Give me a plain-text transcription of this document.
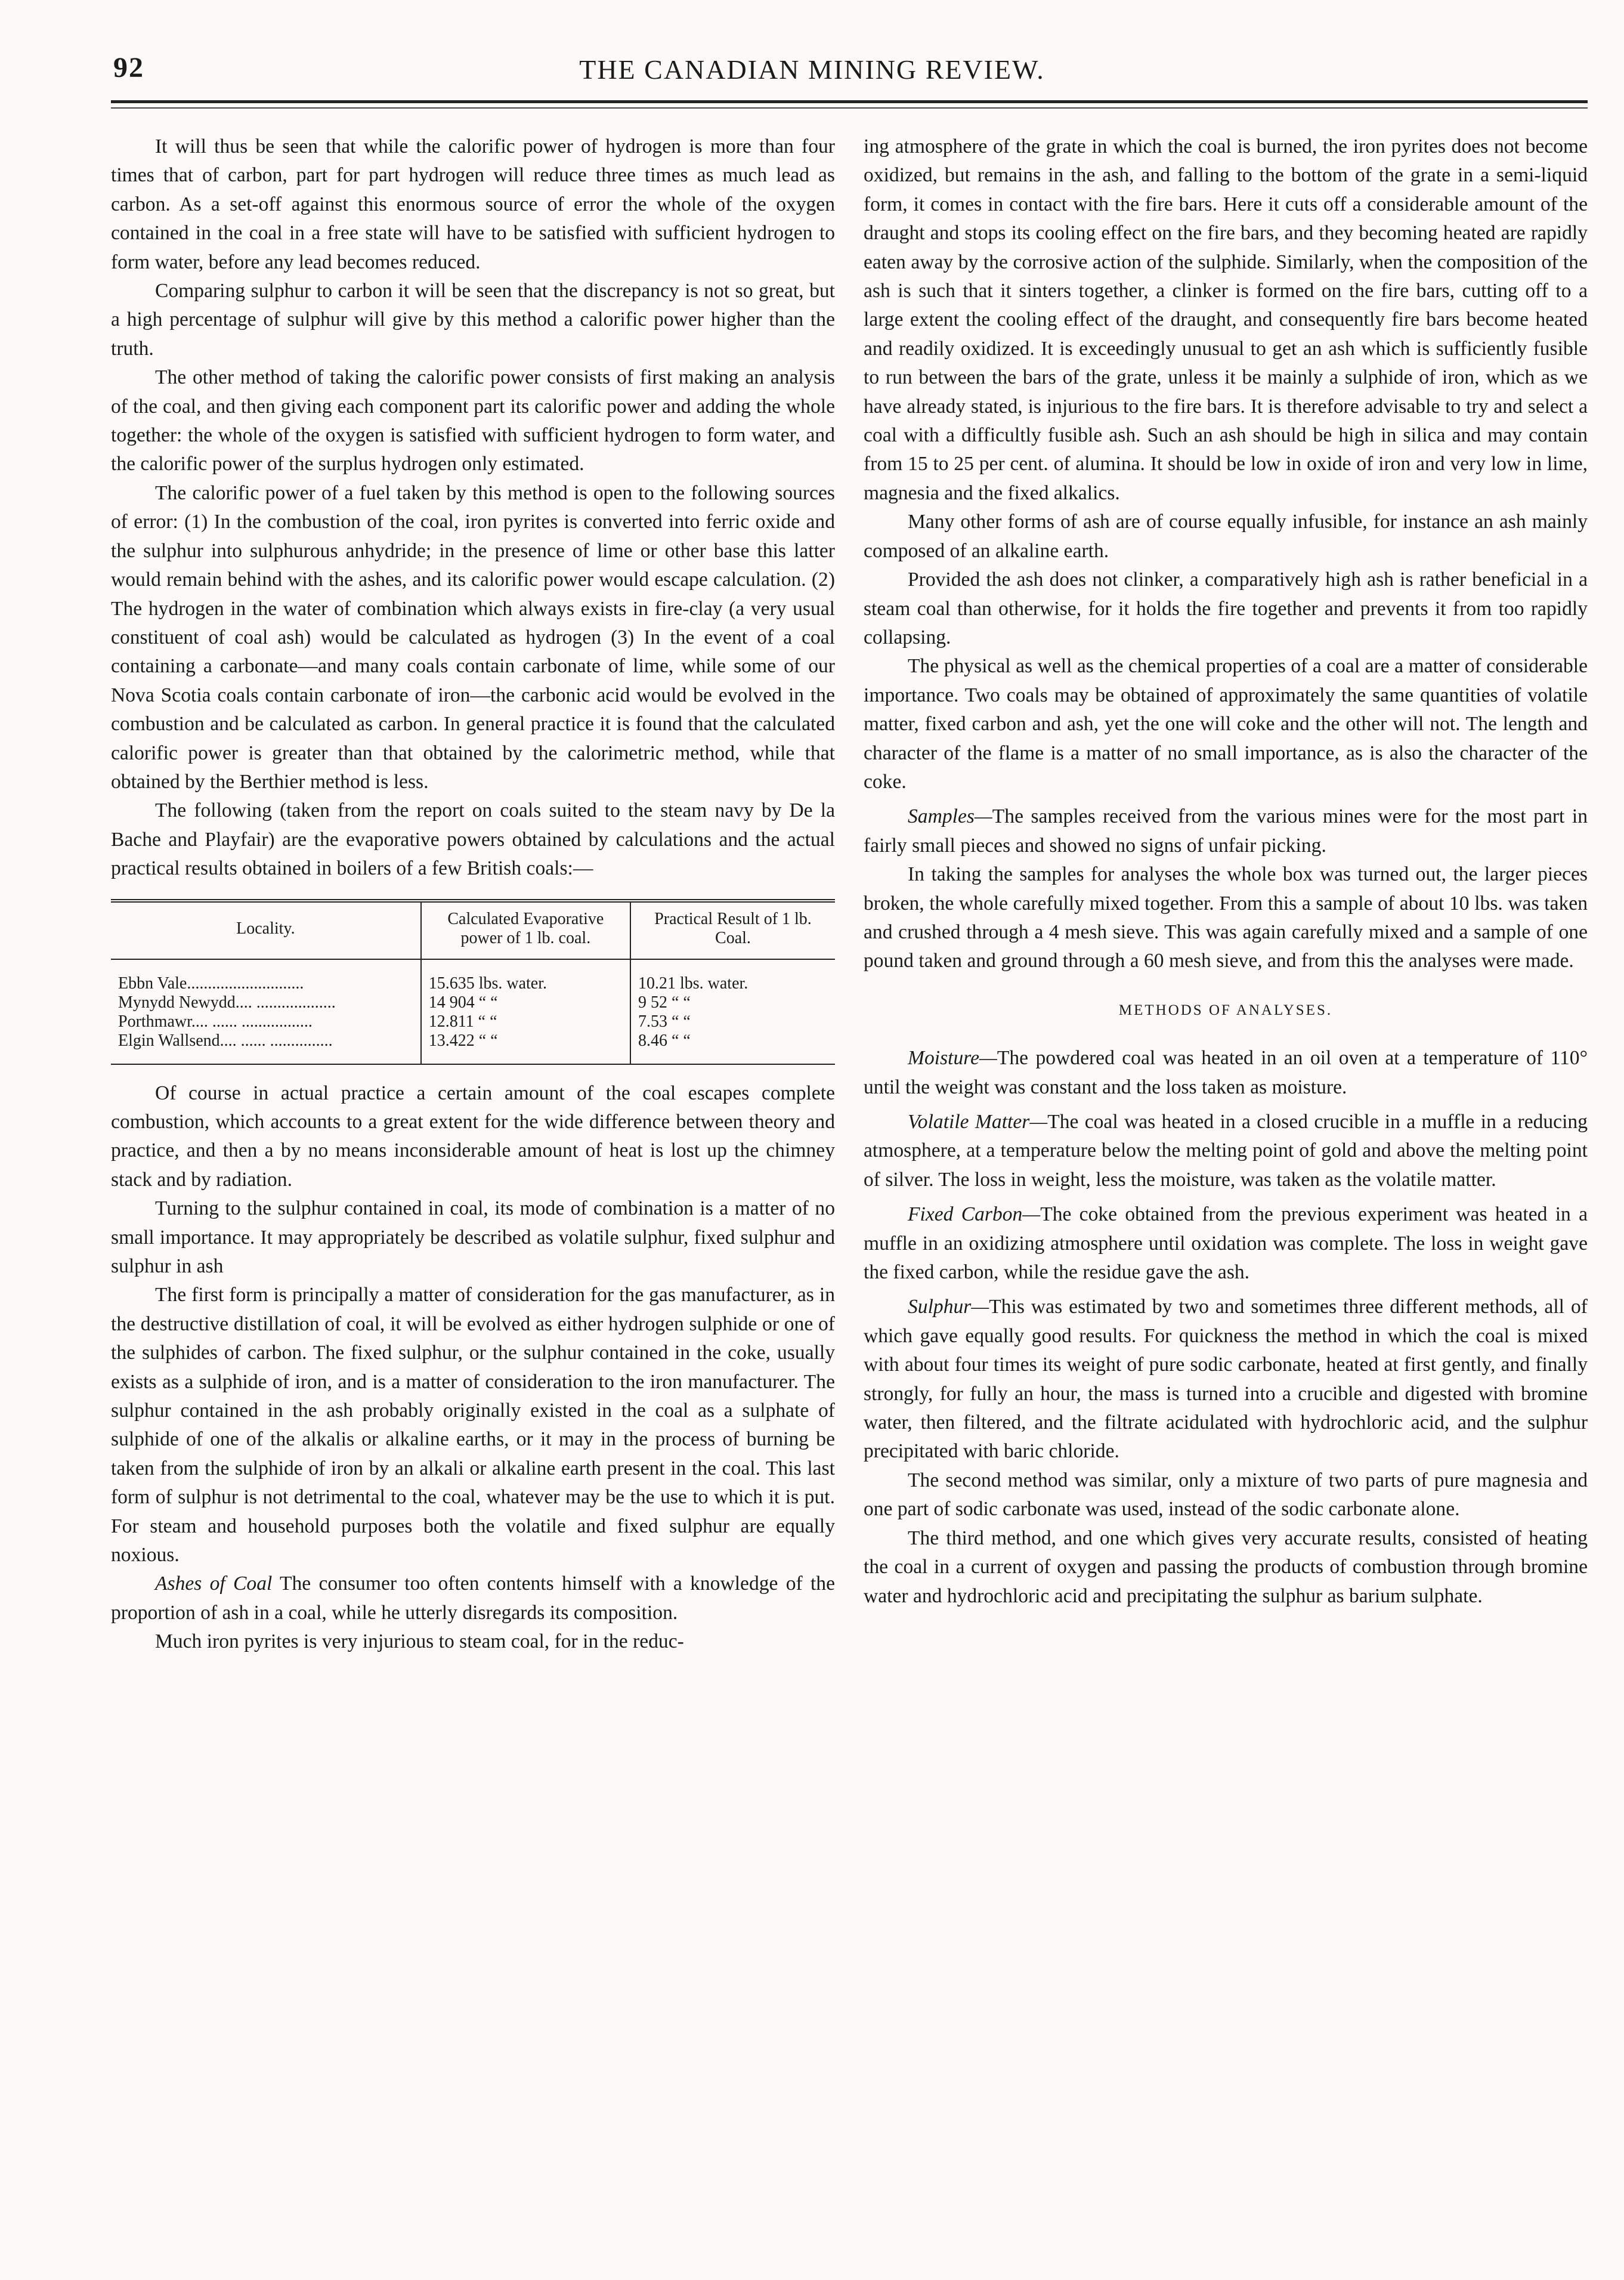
92	THE CANADIAN MINING REVIEW.

It will thus be seen that while the calorific power of hydrogen is more than four times that of carbon, part for part hydrogen will reduce three times as much lead as carbon. As a set-off against this enormous source of error the whole of the oxygen contained in the coal in a free state will have to be satisfied with sufficient hydrogen to form water, before any lead becomes reduced.

Comparing sulphur to carbon it will be seen that the discrepancy is not so great, but a high percentage of sulphur will give by this method a calorific power higher than the truth.

The other method of taking the calorific power consists of first making an analysis of the coal, and then giving each component part its calorific power and adding the whole together: the whole of the oxygen is satisfied with sufficient hydrogen to form water, and the calorific power of the surplus hydrogen only estimated.

The calorific power of a fuel taken by this method is open to the following sources of error: (1) In the combustion of the coal, iron pyrites is converted into ferric oxide and the sulphur into sulphurous anhydride; in the presence of lime or other base this latter would remain behind with the ashes, and its calorific power would escape calculation. (2) The hydrogen in the water of combination which always exists in fire-clay (a very usual constituent of coal ash) would be calculated as hydrogen (3) In the event of a coal containing a carbonate—and many coals contain carbonate of lime, while some of our Nova Scotia coals contain carbonate of iron—the carbonic acid would be evolved in the combustion and be calculated as carbon. In general practice it is found that the calculated calorific power is greater than that obtained by the calorimetric method, while that obtained by the Berthier method is less.

The following (taken from the report on coals suited to the steam navy by De la Bache and Playfair) are the evaporative powers obtained by calculations and the actual practical results obtained in boilers of a few British coals:—

Locality.	Calculated Evaporative power of 1 lb. coal.	Practical Result of 1 lb. Coal.
Ebbn Vale............................	15.635 lbs. water.	10.21 lbs. water.
Mynydd Newydd.... ...................	14 904 “ “	9 52 “ “
Porthmawr.... ...... .................	12.811 “ “	7.53 “ “
Elgin Wallsend.... ...... ...............	13.422 “ “	8.46 “ “

Of course in actual practice a certain amount of the coal escapes complete combustion, which accounts to a great extent for the wide difference between theory and practice, and then a by no means inconsiderable amount of heat is lost up the chimney stack and by radiation.

Turning to the sulphur contained in coal, its mode of combination is a matter of no small importance. It may appropriately be described as volatile sulphur, fixed sulphur and sulphur in ash

The first form is principally a matter of consideration for the gas manufacturer, as in the destructive distillation of coal, it will be evolved as either hydrogen sulphide or one of the sulphides of carbon. The fixed sulphur, or the sulphur contained in the coke, usually exists as a sulphide of iron, and is a matter of consideration to the iron manufacturer. The sulphur contained in the ash probably originally existed in the coal as a sulphate of sulphide of one of the alkalis or alkaline earths, or it may in the process of burning be taken from the sulphide of iron by an alkali or alkaline earth present in the coal. This last form of sulphur is not detrimental to the coal, whatever may be the use to which it is put. For steam and household purposes both the volatile and fixed sulphur are equally noxious.

Ashes of Coal The consumer too often contents himself with a knowledge of the proportion of ash in a coal, while he utterly disregards its composition.

Much iron pyrites is very injurious to steam coal, for in the reduc-

ing atmosphere of the grate in which the coal is burned, the iron pyrites does not become oxidized, but remains in the ash, and falling to the bottom of the grate in a semi-liquid form, it comes in contact with the fire bars. Here it cuts off a considerable amount of the draught and stops its cooling effect on the fire bars, and they becoming heated are rapidly eaten away by the corrosive action of the sulphide. Similarly, when the composition of the ash is such that it sinters together, a clinker is formed on the fire bars, cutting off to a large extent the cooling effect of the draught, and consequently fire bars become heated and readily oxidized. It is exceedingly unusual to get an ash which is sufficiently fusible to run between the bars of the grate, unless it be mainly a sulphide of iron, which as we have already stated, is injurious to the fire bars. It is therefore advisable to try and select a coal with a difficultly fusible ash. Such an ash should be high in silica and may contain from 15 to 25 per cent. of alumina. It should be low in oxide of iron and very low in lime, magnesia and the fixed alkalics.

Many other forms of ash are of course equally infusible, for instance an ash mainly composed of an alkaline earth.

Provided the ash does not clinker, a comparatively high ash is rather beneficial in a steam coal than otherwise, for it holds the fire together and prevents it from too rapidly collapsing.

The physical as well as the chemical properties of a coal are a matter of considerable importance. Two coals may be obtained of approximately the same quantities of volatile matter, fixed carbon and ash, yet the one will coke and the other will not. The length and character of the flame is a matter of no small importance, as is also the character of the coke.

Samples—The samples received from the various mines were for the most part in fairly small pieces and showed no signs of unfair picking.

In taking the samples for analyses the whole box was turned out, the larger pieces broken, the whole carefully mixed together. From this a sample of about 10 lbs. was taken and crushed through a 4 mesh sieve. This was again carefully mixed and a sample of one pound taken and ground through a 60 mesh sieve, and from this the analyses were made.

METHODS OF ANALYSES.

Moisture—The powdered coal was heated in an oil oven at a temperature of 110° until the weight was constant and the loss taken as moisture.

Volatile Matter—The coal was heated in a closed crucible in a muffle in a reducing atmosphere, at a temperature below the melting point of gold and above the melting point of silver. The loss in weight, less the moisture, was taken as the volatile matter.

Fixed Carbon—The coke obtained from the previous experiment was heated in a muffle in an oxidizing atmosphere until oxidation was complete. The loss in weight gave the fixed carbon, while the residue gave the ash.

Sulphur—This was estimated by two and sometimes three different methods, all of which gave equally good results. For quickness the method in which the coal is mixed with about four times its weight of pure sodic carbonate, heated at first gently, and finally strongly, for fully an hour, the mass is turned into a crucible and digested with bromine water, then filtered, and the filtrate acidulated with hydrochloric acid, and the sulphur precipitated with baric chloride.

The second method was similar, only a mixture of two parts of pure magnesia and one part of sodic carbonate was used, instead of the sodic carbonate alone.

The third method, and one which gives very accurate results, consisted of heating the coal in a current of oxygen and passing the products of combustion through bromine water and hydrochloric acid and precipitating the sulphur as barium sulphate.
